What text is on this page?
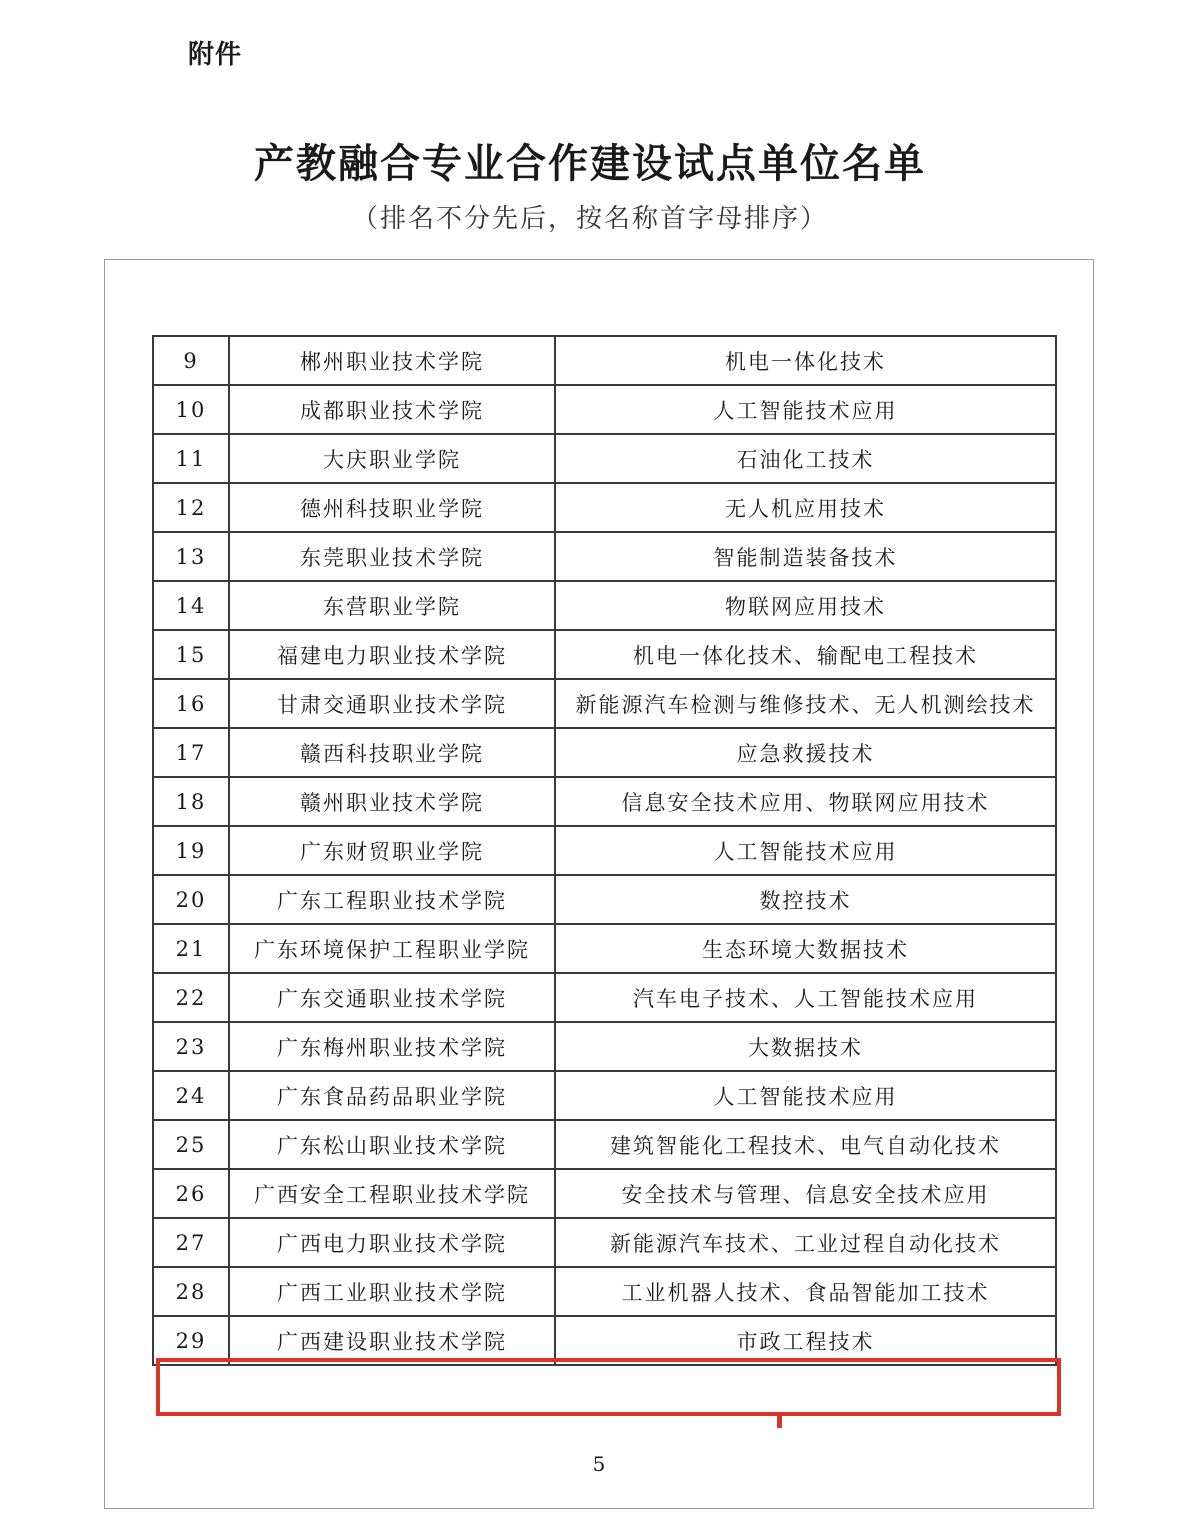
附件
产教融合专业合作建设试点单位名单
（排名不分先后，按名称首字母排序）
9	郴州职业技术学院	机电一体化技术
10	成都职业技术学院	人工智能技术应用
11	大庆职业学院	石油化工技术
12	德州科技职业学院	无人机应用技术
13	东莞职业技术学院	智能制造装备技术
14	东营职业学院	物联网应用技术
15	福建电力职业技术学院	机电一体化技术、输配电工程技术
16	甘肃交通职业技术学院	新能源汽车检测与维修技术、无人机测绘技术
17	赣西科技职业学院	应急救援技术
18	赣州职业技术学院	信息安全技术应用、物联网应用技术
19	广东财贸职业学院	人工智能技术应用
20	广东工程职业技术学院	数控技术
21	广东环境保护工程职业学院	生态环境大数据技术
22	广东交通职业技术学院	汽车电子技术、人工智能技术应用
23	广东梅州职业技术学院	大数据技术
24	广东食品药品职业学院	人工智能技术应用
25	广东松山职业技术学院	建筑智能化工程技术、电气自动化技术
26	广西安全工程职业技术学院	安全技术与管理、信息安全技术应用
27	广西电力职业技术学院	新能源汽车技术、工业过程自动化技术
28	广西工业职业技术学院	工业机器人技术、食品智能加工技术
29	广西建设职业技术学院	市政工程技术
5
